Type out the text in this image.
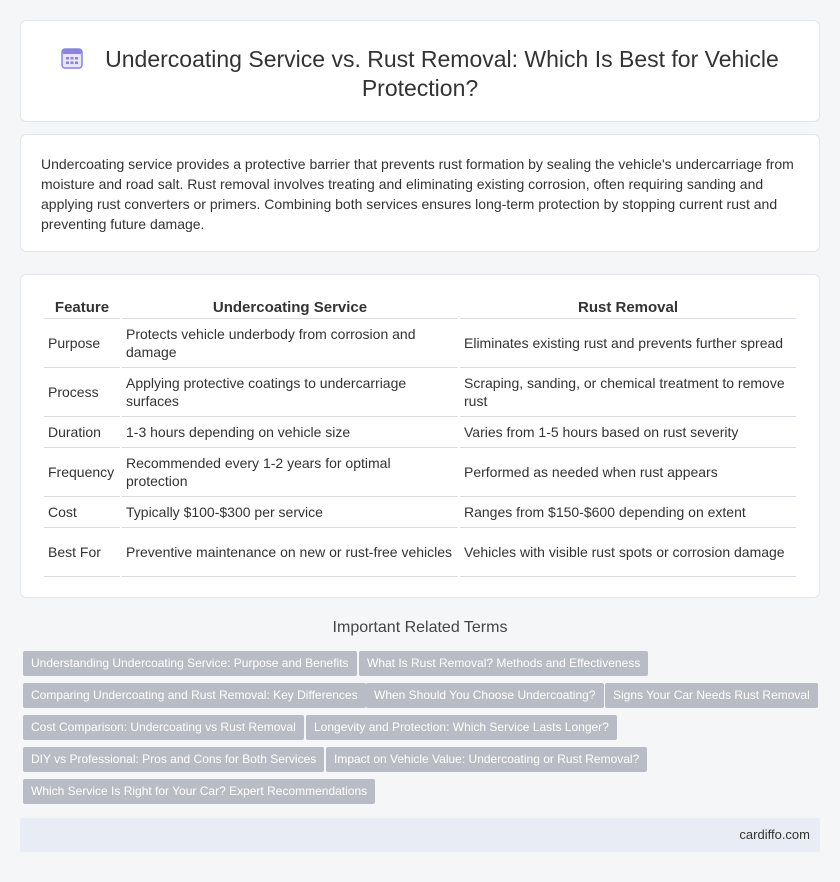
Undercoating Service vs. Rust Removal: Which Is Best for Vehicle Protection?

Undercoating service provides a protective barrier that prevents rust formation by sealing the vehicle's undercarriage from moisture and road salt. Rust removal involves treating and eliminating existing corrosion, often requiring sanding and applying rust converters or primers. Combining both services ensures long-term protection by stopping current rust and preventing future damage.

Feature	Undercoating Service	Rust Removal
Purpose	Protects vehicle underbody from corrosion and damage	Eliminates existing rust and prevents further spread
Process	Applying protective coatings to undercarriage surfaces	Scraping, sanding, or chemical treatment to remove rust
Duration	1-3 hours depending on vehicle size	Varies from 1-5 hours based on rust severity
Frequency	Recommended every 1-2 years for optimal protection	Performed as needed when rust appears
Cost	Typically $100-$300 per service	Ranges from $150-$600 depending on extent
Best For	Preventive maintenance on new or rust-free vehicles	Vehicles with visible rust spots or corrosion damage
Important Related Terms
Understanding Undercoating Service: Purpose and Benefits	What Is Rust Removal? Methods and Effectiveness
Comparing Undercoating and Rust Removal: Key Differences	When Should You Choose Undercoating?	Signs Your Car Needs Rust Removal
Cost Comparison: Undercoating vs Rust Removal	Longevity and Protection: Which Service Lasts Longer?
DIY vs Professional: Pros and Cons for Both Services	Impact on Vehicle Value: Undercoating or Rust Removal?
Which Service Is Right for Your Car? Expert Recommendations
cardiffo.com
